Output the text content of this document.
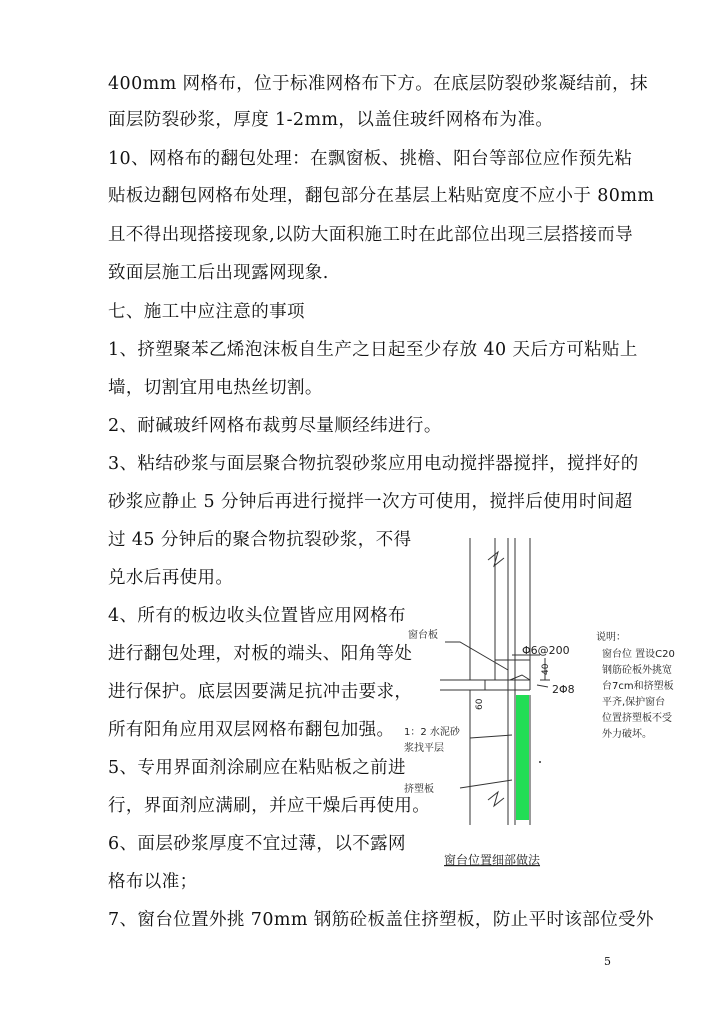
400mm 网格布，位于标准网格布下方。在底层防裂砂浆凝结前，抹
面层防裂砂浆，厚度 1-2mm，以盖住玻纤网格布为准。
10、网格布的翻包处理：在飘窗板、挑檐、阳台等部位应作预先粘
贴板边翻包网格布处理，翻包部分在基层上粘贴宽度不应小于 80mm
且不得出现搭接现象,以防大面积施工时在此部位出现三层搭接而导
致面层施工后出现露网现象.
七、施工中应注意的事项
1、挤塑聚苯乙烯泡沫板自生产之日起至少存放 40 天后方可粘贴上
墙，切割宜用电热丝切割。
2、耐碱玻纤网格布裁剪尽量顺经纬进行。
3、粘结砂浆与面层聚合物抗裂砂浆应用电动搅拌器搅拌，搅拌好的
砂浆应静止 5 分钟后再进行搅拌一次方可使用，搅拌后使用时间超
过 45 分钟后的聚合物抗裂砂浆，不得
兑水后再使用。
4、所有的板边收头位置皆应用网格布
进行翻包处理，对板的端头、阳角等处
进行保护。底层因要满足抗冲击要求，
所有阳角应用双层网格布翻包加强。
5、专用界面剂涂刷应在粘贴板之前进
行，界面剂应满刷，并应干燥后再使用。
6、面层砂浆厚度不宜过薄，以不露网
格布以准；
7、窗台位置外挑 70mm 钢筋砼板盖住挤塑板，防止平时该部位受外
窗台板
Φ6@200
40
60
2Φ8
1：2 水泥砂
浆找平层
挤塑板
窗台位置细部做法
说明：
窗台位 置设C20
钢筋砼板外挑宽
台7cm和挤塑板
平齐,保护窗台
位置挤塑板不受
外力破坏。
5
